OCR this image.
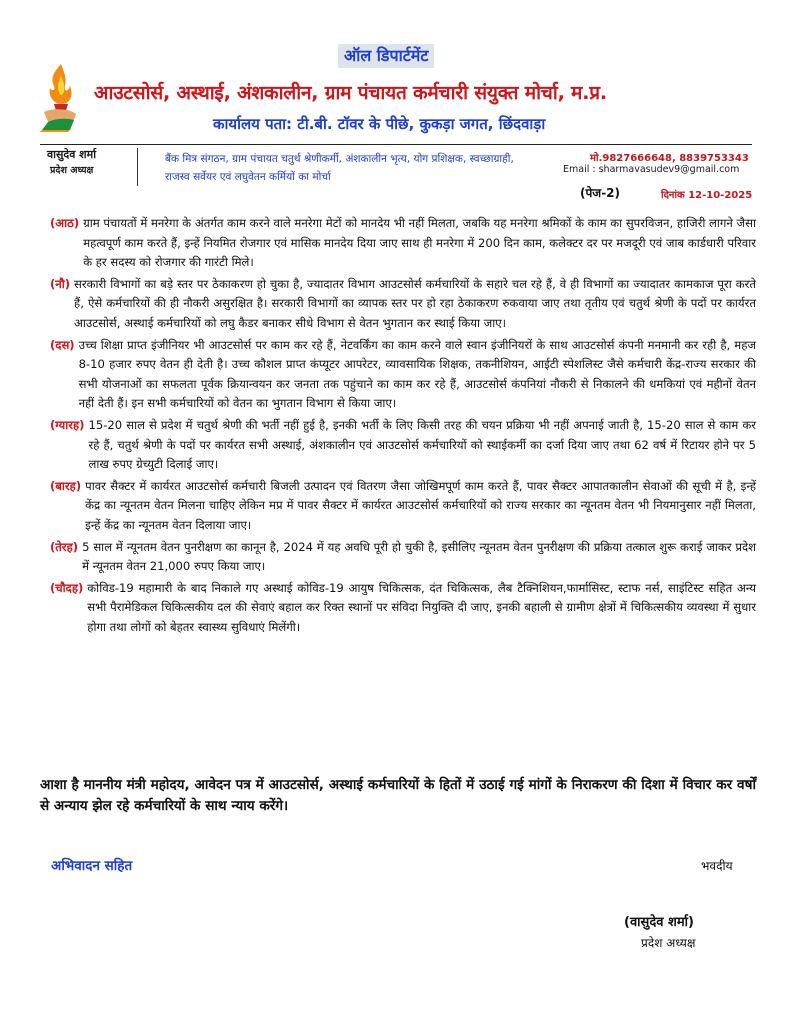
ऑल डिपार्टमेंट
आउटसोर्स, अस्थाई, अंशकालीन, ग्राम पंचायत कर्मचारी संयुक्त मोर्चा, म.प्र.
कार्यालय पता: टी.बी. टॉवर के पीछे, कुकड़ा जगत, छिंदवाड़ा
वासुदेव शर्मा
प्रदेश अध्यक्ष
बैंक मित्र संगठन, ग्राम पंचायत चतुर्थ श्रेणीकर्मी, अंशकालीन भृत्य, योग प्रशिक्षक, स्वच्छाग्राही, राजस्व सर्वेयर एवं लघुवेतन कर्मियों का मोर्चा
मो.9827666648, 8839753343
Email : sharmavasudev9@gmail.com
(पेज-2)	दिनांक 12-10-2025
(आठ) ग्राम पंचायतों में मनरेगा के अंतर्गत काम करने वाले मनरेगा मेटों को मानदेय भी नहीं मिलता, जबकि यह मनरेगा श्रमिकों के काम का सुपरविजन, हाजिरी लागने जैसा महत्वपूर्ण काम करते हैं, इन्हें नियमित रोजगार एवं मासिक मानदेय दिया जाए साथ ही मनरेगा में 200 दिन काम, कलेक्टर दर पर मजदूरी एवं जाब कार्डधारी परिवार के हर सदस्य को रोजगार की गारंटी मिले।
(नौ) सरकारी विभागों का बड़े स्तर पर ठेकाकरण हो चुका है, ज्यादातर विभाग आउटसोर्स कर्मचारियों के सहारे चल रहे हैं, वे ही विभागों का ज्यादातर कामकाज पूरा करते हैं, ऐसे कर्मचारियों की ही नौकरी असुरक्षित है। सरकारी विभागों का व्यापक स्तर पर हो रहा ठेकाकरण रुकवाया जाए तथा तृतीय एवं चतुर्थ श्रेणी के पदों पर कार्यरत आउटसोर्स, अस्थाई कर्मचारियों को लघु कैडर बनाकर सीधे विभाग से वेतन भुगतान कर स्थाई किया जाए।
(दस) उच्च शिक्षा प्राप्त इंजीनियर भी आउटसोर्स पर काम कर रहे हैं, नेटवर्किंग का काम करने वाले स्वान इंजीनियरों के साथ आउटसोर्स कंपनी मनमानी कर रही है, महज 8-10 हजार रुपए वेतन ही देती है। उच्च कौशल प्राप्त कंप्यूटर आपरेटर, व्यावसायिक शिक्षक, तकनीशियन, आईटी स्पेशलिस्ट जैसे कर्मचारी केंद्र-राज्य सरकार की सभी योजनाओं का सफलता पूर्वक क्रियान्वयन कर जनता तक पहुंचाने का काम कर रहे हैं, आउटसोर्स कंपनियां नौकरी से निकालने की धमकियां एवं महीनों वेतन नहीं देती हैं। इन सभी कर्मचारियों को वेतन का भुगतान विभाग से किया जाए।
(ग्यारह) 15-20 साल से प्रदेश में चतुर्थ श्रेणी की भर्ती नहीं हुई है, इनकी भर्ती के लिए किसी तरह की चयन प्रक्रिया भी नहीं अपनाई जाती है, 15-20 साल से काम कर रहे हैं, चतुर्थ श्रेणी के पदों पर कार्यरत सभी अस्थाई, अंशकालीन एवं आउटसोर्स कर्मचारियों को स्थाईकर्मी का दर्जा दिया जाए तथा 62 वर्ष में रिटायर होने पर 5 लाख रुपए ग्रेच्युटी दिलाई जाए।
(बारह) पावर सैक्टर में कार्यरत आउटसोर्स कर्मचारी बिजली उत्पादन एवं वितरण जैसा जोखिमपूर्ण काम करते हैं, पावर सैक्टर आपातकालीन सेवाओं की सूची में है, इन्हें केंद्र का न्यूनतम वेतन मिलना चाहिए लेकिन मप्र में पावर सैक्टर में कार्यरत आउटसोर्स कर्मचारियों को राज्य सरकार का न्यूनतम वेतन भी नियमानुसार नहीं मिलता, इन्हें केंद्र का न्यूनतम वेतन दिलाया जाए।
(तेरह) 5 साल में न्यूनतम वेतन पुनरीक्षण का कानून है, 2024 में यह अवधि पूरी हो चुकी है, इसीलिए न्यूनतम वेतन पुनरीक्षण की प्रक्रिया तत्काल शुरू कराई जाकर प्रदेश में न्यूनतम वेतन 21,000 रुपए किया जाए।
(चौदह) कोविड-19 महामारी के बाद निकाले गए अस्थाई कोविड-19 आयुष चिकित्सक, दंत चिकित्सक, लैब टैक्निशियन,फार्मासिस्ट, स्टाफ नर्स, साइंटिस्ट सहित अन्य सभी पैरामेडिकल चिकित्सकीय दल की सेवाएं बहाल कर रिक्त स्थानों पर संविदा नियुक्ति दी जाए, इनकी बहाली से ग्रामीण क्षेत्रों में चिकित्सकीय व्यवस्था में सुधार होगा तथा लोगों को बेहतर स्वास्थ्य सुविधाएं मिलेंगी।
आशा है माननीय मंत्री महोदय, आवेदन पत्र में आउटसोर्स, अस्थाई कर्मचारियों के हितों में उठाई गई मांगों के निराकरण की दिशा में विचार कर वर्षों से अन्याय झेल रहे कर्मचारियों के साथ न्याय करेंगे।
अभिवादन सहित	भवदीय
(वासुदेव शर्मा)
प्रदेश अध्यक्ष
